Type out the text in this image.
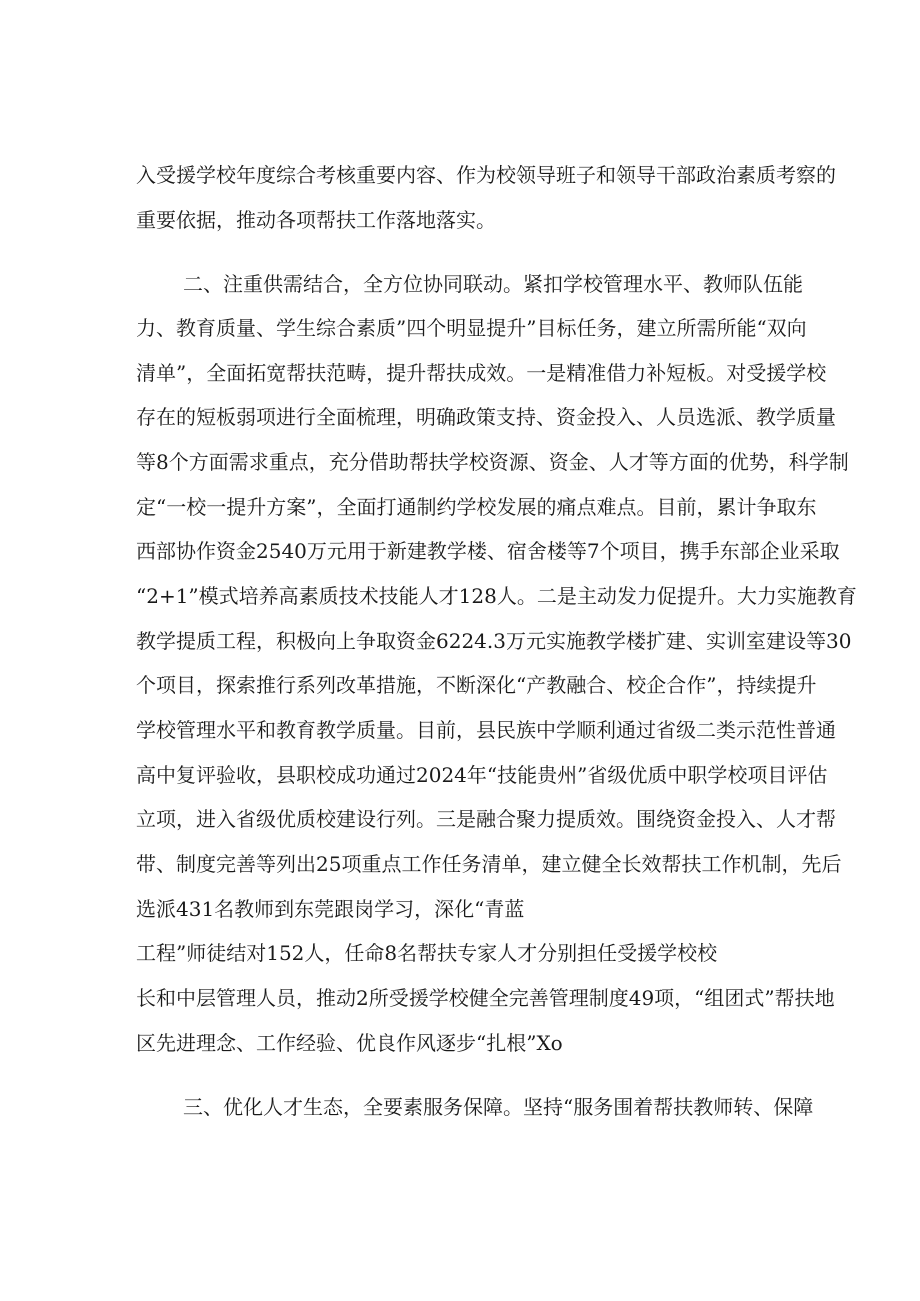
入受援学校年度综合考核重要内容、作为校领导班子和领导干部政治素质考察的
重要依据，推动各项帮扶工作落地落实。
二、注重供需结合，全方位协同联动。紧扣学校管理水平、教师队伍能
力、教育质量、学生综合素质”四个明显提升”目标任务，建立所需所能“双向
清单”，全面拓宽帮扶范畴，提升帮扶成效。一是精准借力补短板。对受援学校
存在的短板弱项进行全面梳理，明确政策支持、资金投入、人员选派、教学质量
等8个方面需求重点，充分借助帮扶学校资源、资金、人才等方面的优势，科学制
定“一校一提升方案”，全面打通制约学校发展的痛点难点。目前，累计争取东
西部协作资金2540万元用于新建教学楼、宿舍楼等7个项目，携手东部企业采取
“2+1”模式培养高素质技术技能人才128人。二是主动发力促提升。大力实施教育
教学提质工程，积极向上争取资金6224.3万元实施教学楼扩建、实训室建设等30
个项目，探索推行系列改革措施，不断深化“产教融合、校企合作”，持续提升
学校管理水平和教育教学质量。目前，县民族中学顺利通过省级二类示范性普通
高中复评验收，县职校成功通过2024年“技能贵州”省级优质中职学校项目评估
立项，进入省级优质校建设行列。三是融合聚力提质效。围绕资金投入、人才帮
带、制度完善等列出25项重点工作任务清单，建立健全长效帮扶工作机制，先后
选派431名教师到东莞跟岗学习，深化“青蓝
工程”师徒结对152人，任命8名帮扶专家人才分别担任受援学校校
长和中层管理人员，推动2所受援学校健全完善管理制度49项，“组团式”帮扶地
区先进理念、工作经验、优良作风逐步“扎根”Xo
三、优化人才生态，全要素服务保障。坚持“服务围着帮扶教师转、保障
